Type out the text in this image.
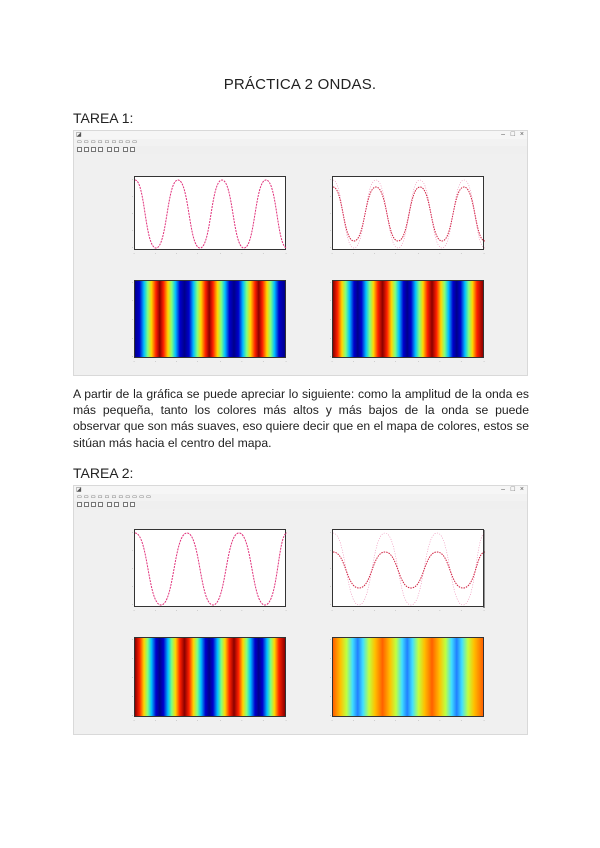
PRÁCTICA 2 ONDAS.
TAREA 1:
◪	‒ □ ×
▭ ▭ ▭ ▭ ▭ ▭ ▭ ▭ ▭
·
·
·
·
·
·	·	·	·	·	·	·	·
·
·
·
·
·
·	·	·	·	·	·	·	·
·
·
·
·
·
·	·	·	·	·	·	·	·
·
·
·
·
·
·	·	·	·	·	·	·	·
A partir de la gráfica se puede apreciar lo siguiente: como la amplitud de la onda es más pequeña, tanto los colores más altos y más bajos de la onda se puede observar que son más suaves, eso quiere decir que en el mapa de colores, estos se sitúan más hacia el centro del mapa.
TAREA 2:
◪	‒ □ ×
▭ ▭ ▭ ▭ ▭ ▭ ▭ ▭ ▭ ▭ ▭
·
·
·
·
·
·	·	·	·	·	·	·	·
·
·
·
·
·
·	·	·	·	·	·	·	·
·
·
·
·
·
·	·	·	·	·	·	·	·
·
·
·
·
·
·	·	·	·	·	·	·	·
